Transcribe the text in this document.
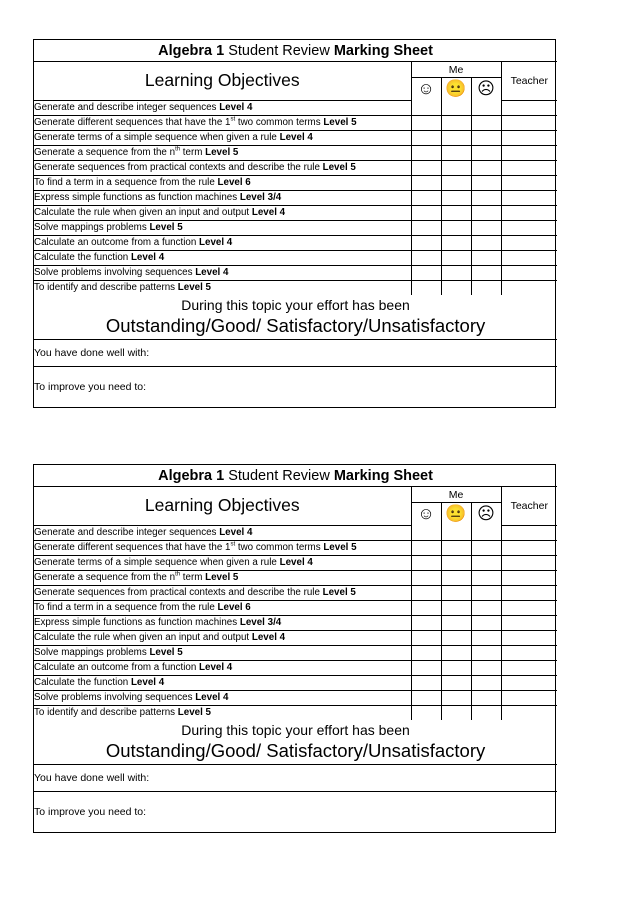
Algebra 1 Student Review Marking Sheet				
Learning Objectives	Me			Teacher
	☺	😐	☹	
Generate and describe integer sequences Level 4				
Generate different sequences that have the 1st two common terms Level 5				
Generate terms of a simple sequence when given a rule Level 4				
Generate a sequence from the $n^{th}$ term Level 5				
Generate sequences from practical contexts and describe the rule Level 5				
To find a term in a sequence from the rule Level 6				
Express simple functions as function machines Level 3/4				
Calculate the rule when given an input and output Level 4				
Solve mappings problems Level 5				
Calculate an outcome from a function Level 4				
Calculate the function Level 4				
Solve problems involving sequences Level 4				
To identify and describe patterns Level 5				

During this topic your effort has been
Outstanding/Good/ Satisfactory/Unsatisfactory				

You have done well with:				
To improve you need to:				
Algebra 1 Student Review Marking Sheet				
Learning Objectives	Me			Teacher
	☺	😐	☹	
Generate and describe integer sequences Level 4				
Generate different sequences that have the 1st two common terms Level 5				
Generate terms of a simple sequence when given a rule Level 4				
Generate a sequence from the $n^{th}$ term Level 5				
Generate sequences from practical contexts and describe the rule Level 5				
To find a term in a sequence from the rule Level 6				
Express simple functions as function machines Level 3/4				
Calculate the rule when given an input and output Level 4				
Solve mappings problems Level 5				
Calculate an outcome from a function Level 4				
Calculate the function Level 4				
Solve problems involving sequences Level 4				
To identify and describe patterns Level 5				

During this topic your effort has been
Outstanding/Good/ Satisfactory/Unsatisfactory				

You have done well with:				
To improve you need to:				
